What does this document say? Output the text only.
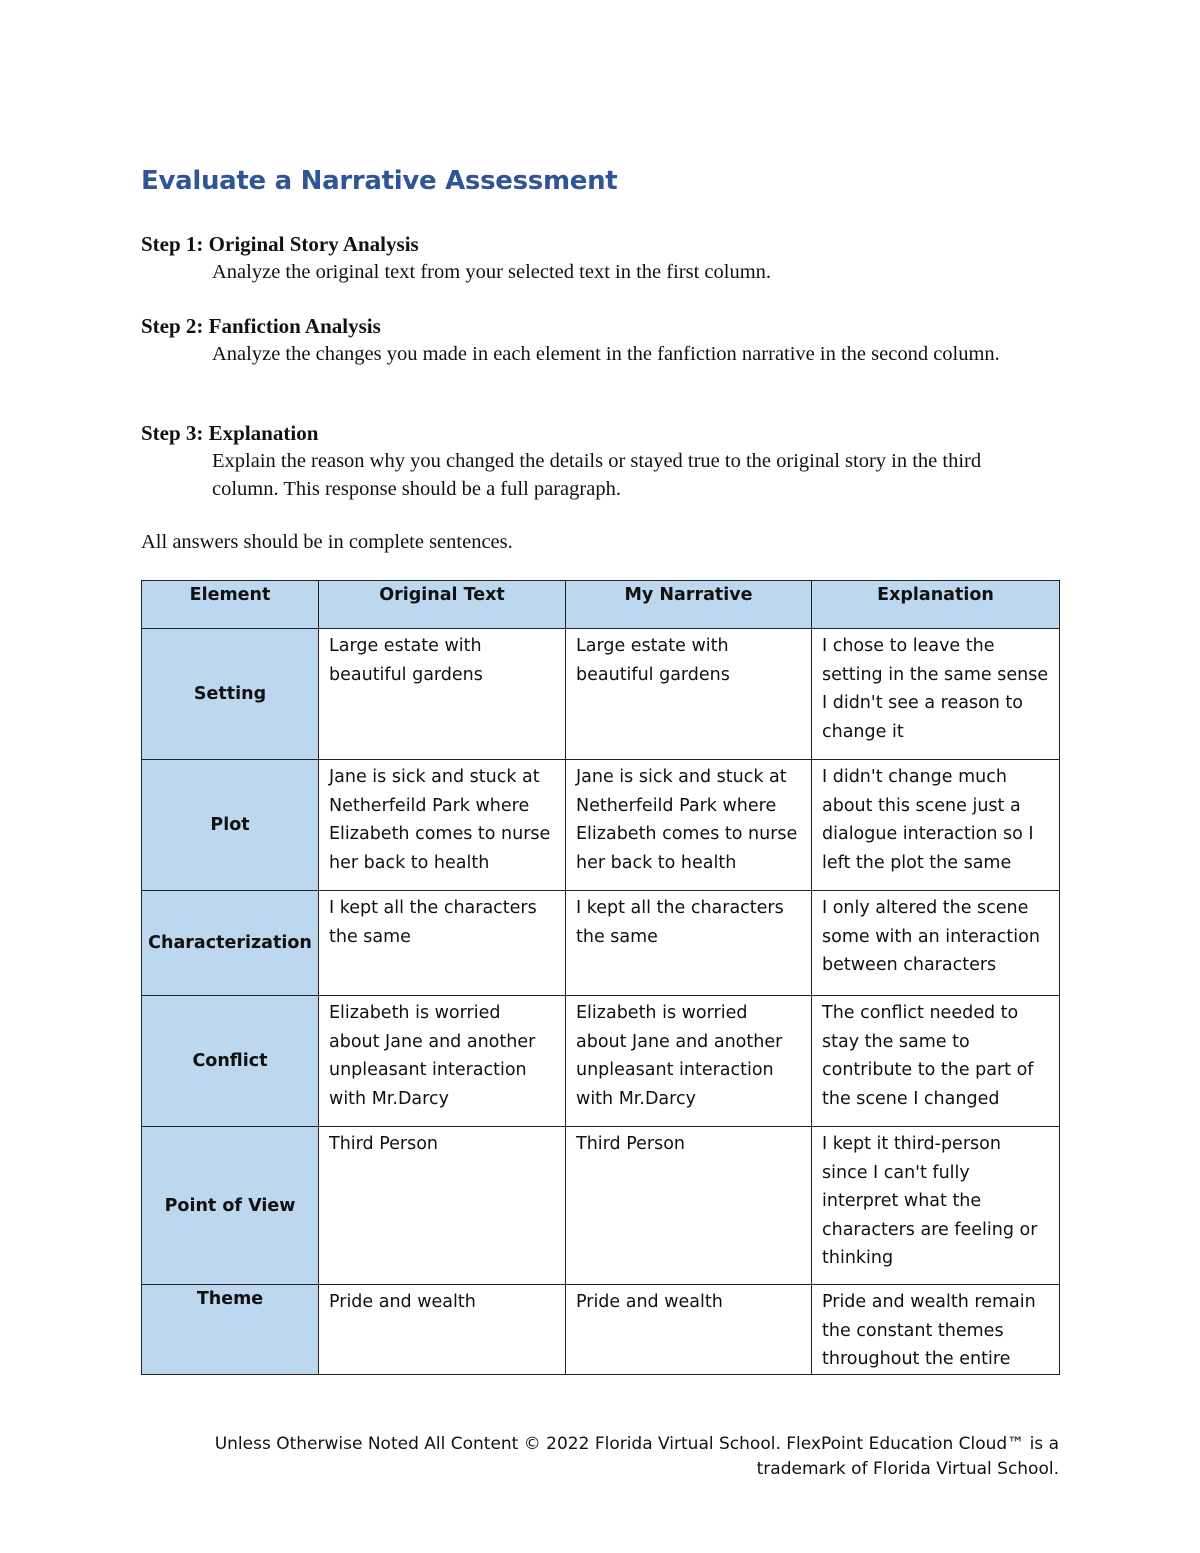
Evaluate a Narrative Assessment
Step 1: Original Story Analysis
Analyze the original text from your selected text in the first column.
Step 2: Fanfiction Analysis
Analyze the changes you made in each element in the fanfiction narrative in the second column.
Step 3: Explanation
Explain the reason why you changed the details or stayed true to the original story in the third column. This response should be a full paragraph.
All answers should be in complete sentences.
Element	Original Text	My Narrative	Explanation
Setting	Large estate with beautiful gardens	Large estate with beautiful gardens	I chose to leave the setting in the same sense I didn't see a reason to change it
Plot	Jane is sick and stuck at Netherfeild Park where Elizabeth comes to nurse her back to health	Jane is sick and stuck at Netherfeild Park where Elizabeth comes to nurse her back to health	I didn't change much about this scene just a dialogue interaction so I left the plot the same
Characterization	I kept all the characters the same	I kept all the characters the same	I only altered the scene some with an interaction between characters
Conflict	Elizabeth is worried about Jane and another unpleasant interaction with Mr.Darcy	Elizabeth is worried about Jane and another unpleasant interaction with Mr.Darcy	The conflict needed to stay the same to contribute to the part of the scene I changed
Point of View	Third Person	Third Person	I kept it third-person since I can't fully interpret what the characters are feeling or thinking
Theme	Pride and wealth	Pride and wealth	Pride and wealth remain the constant themes throughout the entire
Unless Otherwise Noted All Content © 2022 Florida Virtual School. FlexPoint Education Cloud™ is a
trademark of Florida Virtual School.
